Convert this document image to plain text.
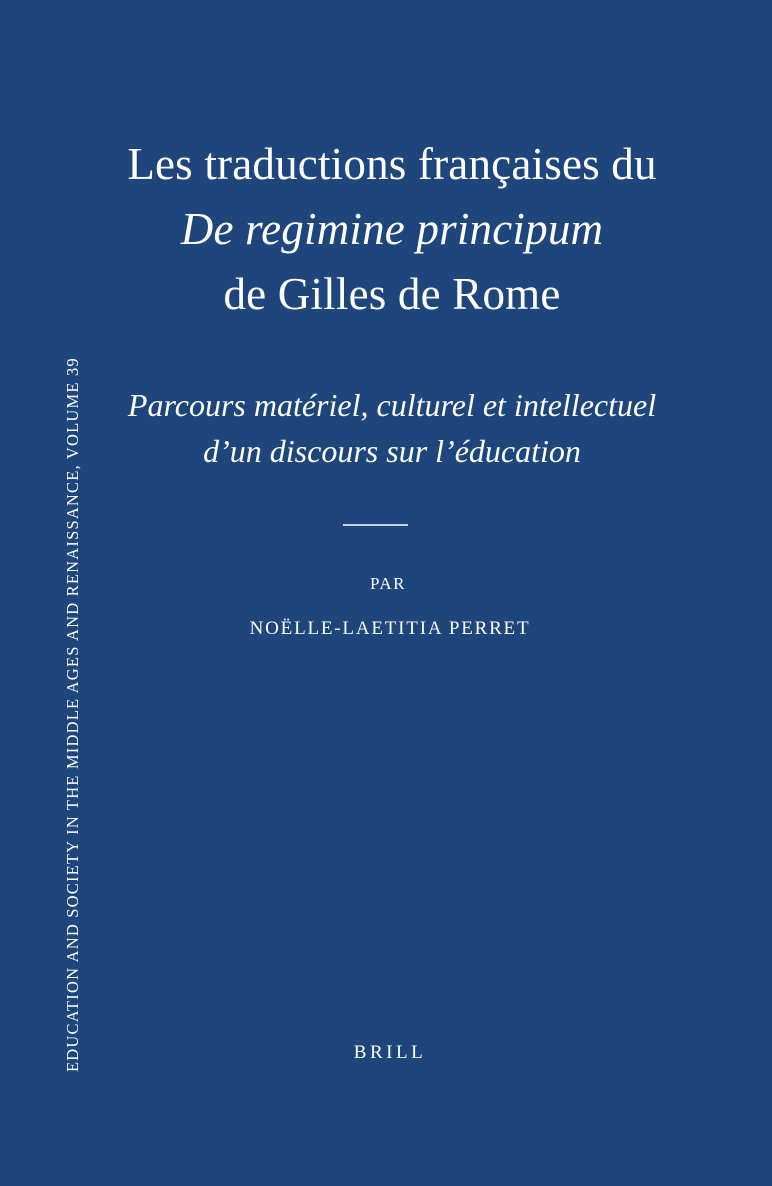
EDUCATION AND SOCIETY IN THE MIDDLE AGES AND RENAISSANCE, VOLUME 39
Les traductions françaises du
De regimine principum
de Gilles de Rome
Parcours matériel, culturel et intellectuel
d’un discours sur l’éducation
PAR
NOËLLE-LAETITIA PERRET
BRILL
